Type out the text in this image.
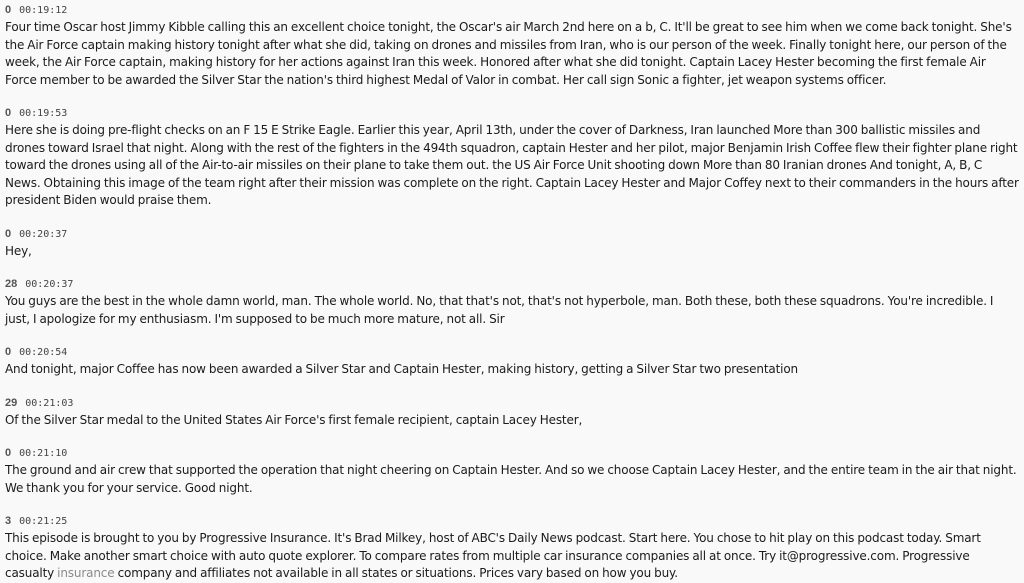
0 00:19:12

Four time Oscar host Jimmy Kibble calling this an excellent choice tonight, the Oscar's air March 2nd here on a b, C. It'll be great to see him when we come back tonight. She's the Air Force captain making history tonight after what she did, taking on drones and missiles from Iran, who is our person of the week. Finally tonight here, our person of the week, the Air Force captain, making history for her actions against Iran this week. Honored after what she did tonight. Captain Lacey Hester becoming the first female Air Force member to be awarded the Silver Star the nation's third highest Medal of Valor in combat. Her call sign Sonic a fighter, jet weapon systems officer.

0 00:19:53

Here she is doing pre-flight checks on an F 15 E Strike Eagle. Earlier this year, April 13th, under the cover of Darkness, Iran launched More than 300 ballistic missiles and drones toward Israel that night. Along with the rest of the fighters in the 494th squadron, captain Hester and her pilot, major Benjamin Irish Coffee flew their fighter plane right toward the drones using all of the Air-to-air missiles on their plane to take them out. the US Air Force Unit shooting down More than 80 Iranian drones And tonight, A, B, C News. Obtaining this image of the team right after their mission was complete on the right. Captain Lacey Hester and Major Coffey next to their commanders in the hours after president Biden would praise them.

0 00:20:37

Hey,

28 00:20:37

You guys are the best in the whole damn world, man. The whole world. No, that that's not, that's not hyperbole, man. Both these, both these squadrons. You're incredible. I just, I apologize for my enthusiasm. I'm supposed to be much more mature, not all. Sir

0 00:20:54

And tonight, major Coffee has now been awarded a Silver Star and Captain Hester, making history, getting a Silver Star two presentation

29 00:21:03

Of the Silver Star medal to the United States Air Force's first female recipient, captain Lacey Hester,

0 00:21:10

The ground and air crew that supported the operation that night cheering on Captain Hester. And so we choose Captain Lacey Hester, and the entire team in the air that night. We thank you for your service. Good night.

3 00:21:25

This episode is brought to you by Progressive Insurance. It's Brad Milkey, host of ABC's Daily News podcast. Start here. You chose to hit play on this podcast today. Smart choice. Make another smart choice with auto quote explorer. To compare rates from multiple car insurance companies all at once. Try it@progressive.com. Progressive casualty insurance company and affiliates not available in all states or situations. Prices vary based on how you buy.
